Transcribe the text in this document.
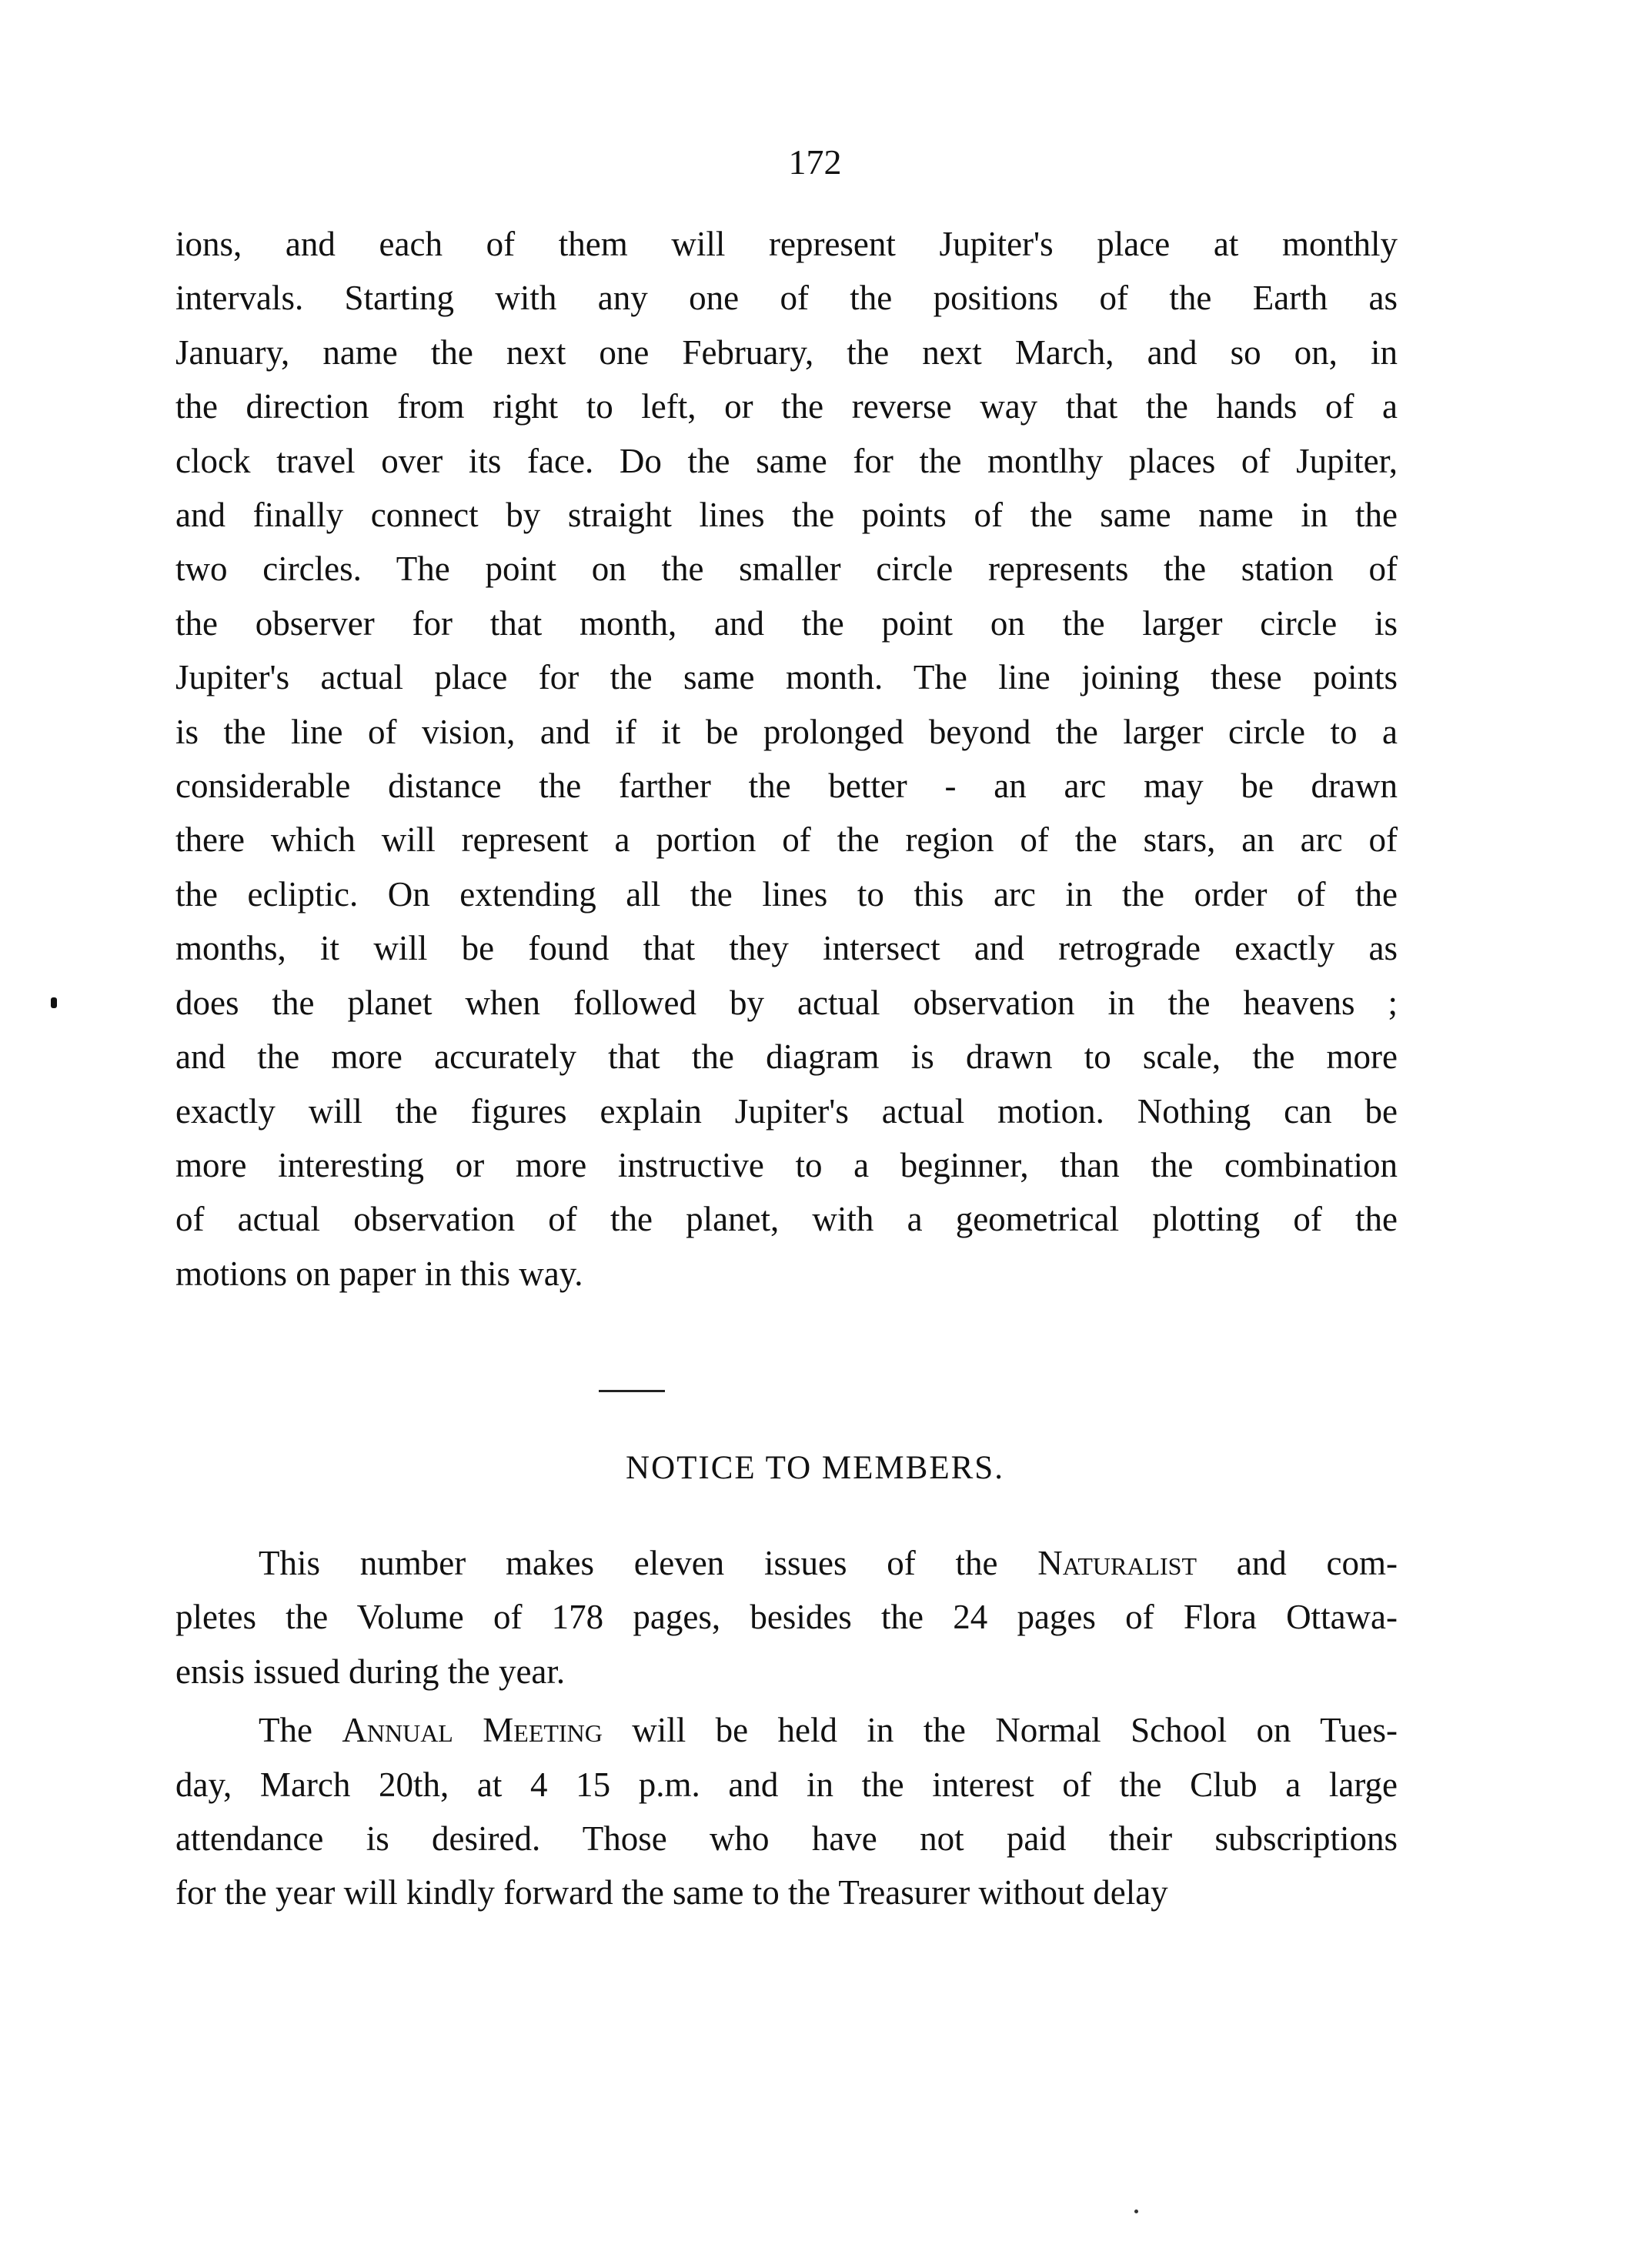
172
ions, and each of them will represent Jupiter's place at monthly
intervals. Starting with any one of the positions of the Earth as
January, name the next one February, the next March, and so on, in
the direction from right to left, or the reverse way that the hands of a
clock travel over its face. Do the same for the montlhy places of Jupiter,
and finally connect by straight lines the points of the same name in the
two circles. The point on the smaller circle represents the station of
the observer for that month, and the point on the larger circle is
Jupiter's actual place for the same month. The line joining these points
is the line of vision, and if it be prolonged beyond the larger circle to a
considerable distance the farther the better - an arc may be drawn
there which will represent a portion of the region of the stars, an arc of
the ecliptic. On extending all the lines to this arc in the order of the
months, it will be found that they intersect and retrograde exactly as
does the planet when followed by actual observation in the heavens ;
and the more accurately that the diagram is drawn to scale, the more
exactly will the figures explain Jupiter's actual motion. Nothing can be
more interesting or more instructive to a beginner, than the combination
of actual observation of the planet, with a geometrical plotting of the
motions on paper in this way.
NOTICE TO MEMBERS.
This number makes eleven issues of the Naturalist and com-
pletes the Volume of 178 pages, besides the 24 pages of Flora Ottawa-
ensis issued during the year.
The Annual Meeting will be held in the Normal School on Tues-
day, March 20th, at 4 15 p.m. and in the interest of the Club a large
attendance is desired. Those who have not paid their subscriptions
for the year will kindly forward the same to the Treasurer without delay
